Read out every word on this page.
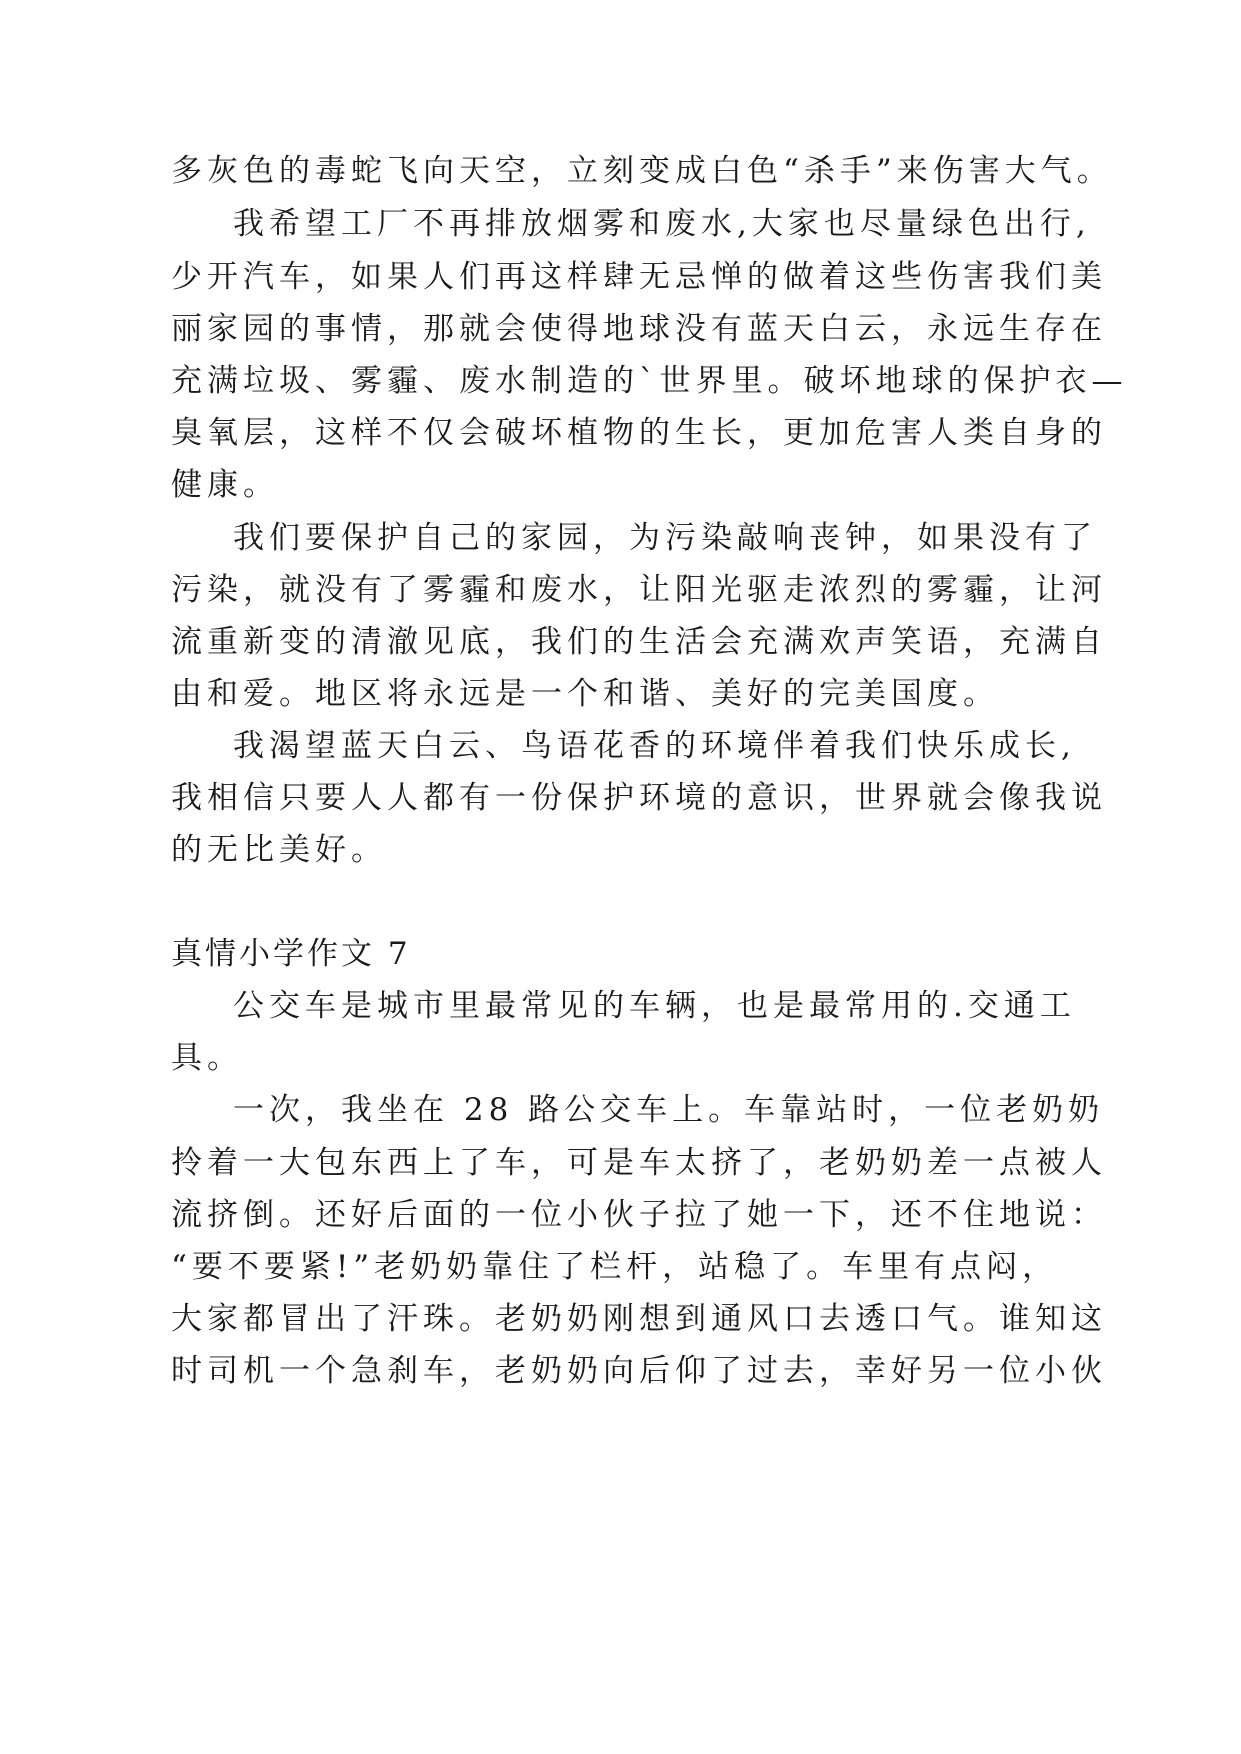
多灰色的毒蛇飞向天空，立刻变成白色“杀手”来伤害大气。
我希望工厂不再排放烟雾和废水,大家也尽量绿色出行,
少开汽车，如果人们再这样肆无忌惮的做着这些伤害我们美
丽家园的事情，那就会使得地球没有蓝天白云，永远生存在
充满垃圾、雾霾、废水制造的`世界里。破坏地球的保护衣—
臭氧层，这样不仅会破坏植物的生长，更加危害人类自身的
健康。
我们要保护自己的家园，为污染敲响丧钟，如果没有了
污染，就没有了雾霾和废水，让阳光驱走浓烈的雾霾，让河
流重新变的清澈见底，我们的生活会充满欢声笑语，充满自
由和爱。地区将永远是一个和谐、美好的完美国度。
我渴望蓝天白云、鸟语花香的环境伴着我们快乐成长,
我相信只要人人都有一份保护环境的意识，世界就会像我说
的无比美好。
真情小学作文 7
公交车是城市里最常见的车辆，也是最常用的.交通工
具。
一次，我坐在 28 路公交车上。车靠站时，一位老奶奶
拎着一大包东西上了车，可是车太挤了，老奶奶差一点被人
流挤倒。还好后面的一位小伙子拉了她一下，还不住地说：
“要不要紧!”老奶奶靠住了栏杆，站稳了。车里有点闷，
大家都冒出了汗珠。老奶奶刚想到通风口去透口气。谁知这
时司机一个急刹车，老奶奶向后仰了过去，幸好另一位小伙
